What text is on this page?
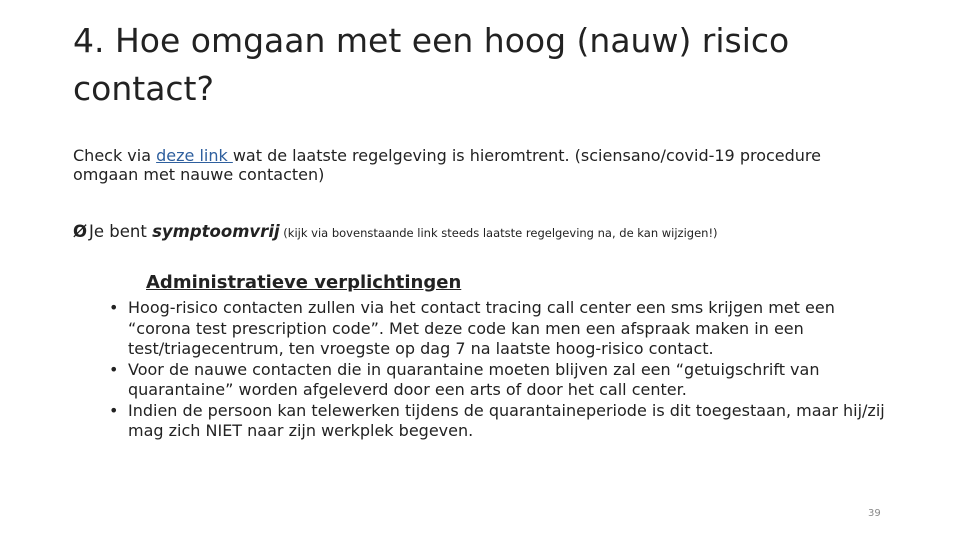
4. Hoe omgaan met een hoog (nauw) risico contact?

Check via deze link wat de laatste regelgeving is hieromtrent. (sciensano/covid-19 procedure omgaan met nauwe contacten)

Ø Je bent symptoomvrij (kijk via bovenstaande link steeds laatste regelgeving na, de kan wijzigen!)
Administratieve verplichtingen
• Hoog-risico contacten zullen via het contact tracing call center een sms krijgen met een “corona test prescription code”. Met deze code kan men een afspraak maken in een test/triagecentrum, ten vroegste op dag 7 na laatste hoog-risico contact.
• Voor de nauwe contacten die in quarantaine moeten blijven zal een “getuigschrift van quarantaine” worden afgeleverd door een arts of door het call center.
• Indien de persoon kan telewerken tijdens de quarantaineperiode is dit toegestaan, maar hij/zij mag zich NIET naar zijn werkplek begeven.
39
